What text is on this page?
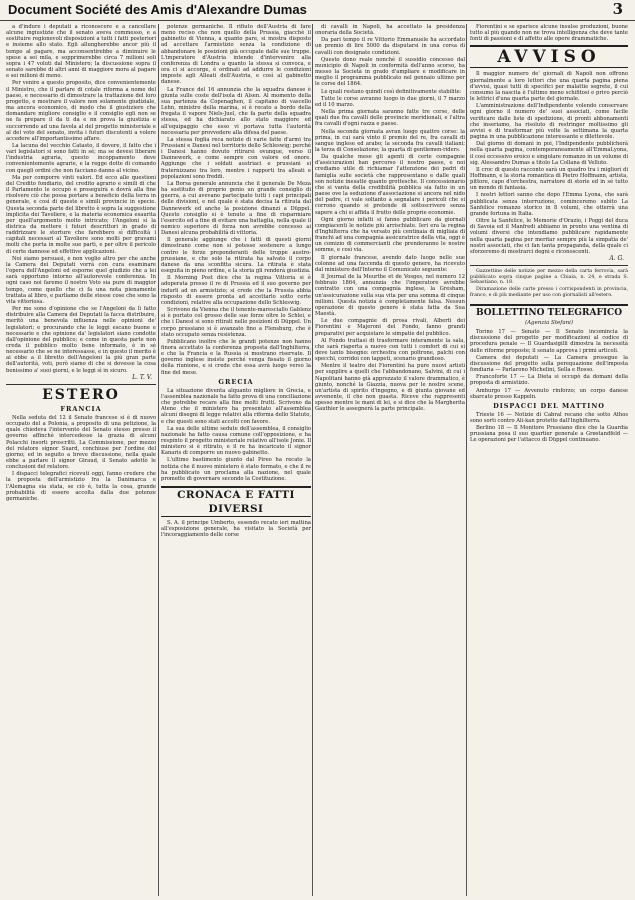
Document Société des Amis d'Alexandre Dumas	3

a d'indure i deputati a riconoscere e a cancellare alcune ingiustizie che il senato aveva commesso, e a sostituire regionevoli disposizioni a tutti i fatti posteriori e insieme allo stato. Egli allungherebbe ancor più il tempo al pagare, ma acconsentirebbe a diminuire le spese a sei mila, e sopprimerebbe circa 7 milioni soli sopra i 47 voluti dal Ministero; la discussione sopra il senato sarebbe di altri anni di maggiore mora al pagare e sei milioni di meno.

Per venire a questo proposito, dice convenientemente il Ministro, che il parlare di cotale riforma a nome del paese, e necessario di dimostrare la trattazione del loro progetto, e mostrare il valore non solamente giudiziale, ma ancora economico, di modo che il giustiziere che domandare migliore consiglio e il consiglio egli non se ne fa prepare il da ti da e nn prova la giustizia e succorrendo ad una favola al del progetto ministeriale e al del voto del senato, invita i futuri discutenti a volere accedere all'importantissimo affare.

La lacuna del vecchio Catasto, il dovere, il fatto che i vari legislatori si sono fatti in sé; ma se devesi liberare l'industria agraria, questo incoppamento deve convenientemente agrarie, e la regge dotte di comando con quegli ordini che non facciano danno al vicino.

Ma per comporre vinti valori. Ed ecco alle questioni del Credito fondiario, del credito agrario e simili di che il Parlamento le occupò e proseguirà e dovrà alla fine risolvere ciò che possa portare a beneficio della terra in generale, e così di queste e simili provincie in specie. Questa seconda parte del libretto è sopra la suggestione implicita dei Tavoliere, e la materia economica esaurita per quell'argomento molto intricato; l'Angeloni sì la districa da mettere i futuri descrittori in grado di raddrizzare le storture che farebbero sì difficoltà i capitali necessari al Tavoliere sono molti per gravami molti che porta in molte sue parti, e per oltre il pericolo di certe dannose ed effettive applicazioni.

Noi siamo persuasi, e non voglio altro per che anche la Camera dei Deputati vorrà con cura esaminare l'opera dell'Angeloni ed esporne quel giudizio che a lei sarà opportuno intorno all'autorevole conferenza. In ogni caso noi faremo il nostro Voto sia pure di maggior tempo, come quello che ci fa una nota pienamente trattata al libro, e parliamo delle stesse cose che sono la vita vittoriosa.

Per me sono d'opinione che se l'Angeloni da lì fatto distribuire alla Camera dei Deputati la facca distribuire, meritò una benevola influenza nelle opinioni de' legislatori; e procurando che le leggi escano buone e necessarie e che opinione da' legislatori siano condotte dall'opinione del pubblico; e come in questa parte non creda il pubblico molto bene informato, è in sé necessario che se ne interessasse, e in questo il merito è ai ebbe a il libretto dell'Angeloni la più gran parte dell'autorità, voti, però siamo di che si dovesse la cosa benissimo a' suoi giorni, e le leggi sì in sicuro.

L. T. V.
ESTERO
FRANCIA

Nella seduta del 12 il Senato francese si è di nuovo occupato del a Polonia, a proposito di una petizione, la quale chiedeva l'intervento del Senato stesso presso il governo affinchè intercedesse la grazia di alcuni Polacchi insorti proscritti. La Commissione, per mezzo del relatore signor Suard, conchiuse per l'ordine del giorno; ed in seguito a breve discussione, nella quale ebbe a parlare il signor Giraud, il Senato adottò le conclusioni del relatore.

I dispacci telegrafici ricevuti oggi, fanno credere che la proposta dell'armistizio fra la Danimarca e l'Alemagna sia stata, se ciò è, tutta la cosa, grande probabilità di essere accolta dalla due potenze germaniche.

potenze germaniche. Il rifiuto dell'Austria di fare meno reciso che non quello della Prussia, giacchè il gabinetto di Vienna, a quanto pare, si mostra disposto ad accettare l'armistizio senza la condizione di abbandonare le posizioni già occupate dalle sue truppe. L'imperatore d'Austria intende d'intervenire alla conferenza di Londra a quanto la stessa si convoca, e ora ci si accorge, è ordinati ad addurre le condizioni imposte agli Alleati dell'Austria, e così al gabinetto danese.

La France del 16 annunzia che la squadra danese è giunta sulle coste dell'isola di Alsen. Al momento della sua partenza da Copenaghen, il capitano di vascello Lehn, ministro della marina, si è recato a bordo della fregata il vapore Niels-Juel, che fa parte della squadra stessa, ed ha dichiarato allo stato maggiore ed all'equipaggio che esso vi portava tutta l'autorità necessaria per provvedere alla difesa del paese.

La stessa foglia reca notizie di varie fatte d'armi tra Prussiani e Danesi nel territorio dello Schleswig; perché i Danesi hanno dovuto ritirarsi ovunque, verso il Dannewerk, e come sempre con valore ed onore. Aggiunge che i soldati austriaci e prussiani si fraternizzano tra loro, mentre i rapporti tra alleati e popolazioni sono freddi.

La Borsa generale annuncia che il generale De Meza ha sostituito di proprio genio un grande consiglio di guerra, a cui avevano partecipato tutti i capi principali delle divisioni, e nel quale è stata decisa la ritirata dal Dannewerk ed anche la posizione dinanzi a Düppel. Questo consiglio si è tenuto a fine di risparmiare l'esercito ed a fine di evitare una battaglia, nella quale il nemico superiore di forza non avrebbe concesso ai Danesi alcuna probabilità di vittoria.

Il generale aggiunge che i fatti di questi giorni dimostrano come non si potesse sostenere a lungo contro le forze preponderanti delle truppe austro-prussiane, e che solo la ritirata ha salvato il corpo danese da una sconfitta sicura. La ritirata è stata eseguita in pieno ordine, e la storia gli renderà giustizia.

Il Morning Post dice che la regina Vittoria si è adoperata presso il re di Prussia ed il suo governo per indurli ad un armistizio; si crede che la Prussia abbia risposto di essere pronta ad accettarlo sotto certe condizioni, relative alla occupazione dello Schleswig.

Scrivono da Vienna che il tenente-maresciallo Gablenz si è portato col grosso delle sue forze oltre lo Schlei, e che i Danesi si sono ritirati nelle posizioni di Düppel. Un corpo prussiano si è avanzato fino a Flensburg, che è stato occupato senza resistenza.

Pubblicano inoltre che le grandi potenze non hanno finora accettato la conferenza proposta dall'Inghilterra, e che la Francia e la Russia si mostrano riservate. Il governo inglese insiste perché venga fissato il giorno della riunione, e si crede che essa avrà luogo verso la fine del mese.

GRECIA

La situazione diventa alquanto migliore in Grecia, e l'assemblea nazionale ha fatto prova di una conciliazione che potrebbe recare alla fine molti frutti. Scrivono da Atene che il ministero ha presentato all'assemblea alcuni disegni di legge relativi alla riforma dello Statuto, e che questi sono stati accolti con favore.

La sua delle ultime sedute dell'assemblea, il consiglio nazionale ha fatto causa comune coll'opposizione, e ha respinto il progetto ministeriale relativo all'isole Jonie. Il ministero si è ritirato, e il re ha incaricato il signor Kanaris di comporre un nuovo gabinetto.

L'ultimo bastimento giunto dal Pireo ha recato la notizia che il nuovo ministero è stato formato, e che il re ha pubblicato un proclama alla nazione, nel quale promette di governare secondo la Costituzione.

CRONACA E FATTI DIVERSI

S. A. il principe Umberto, essendo recato ieri mattina all'esposizione generale, ha visitato la Società per l'incoraggiamento delle corse

di cavalli in Napoli, ha accettato la presidenza onoraria della Società.

Da pari tempo il re Vittorio Emmanuele ha accordato un premio di lire 5000 da disputarsi in una corsa di cavalli con designate condizioni.

Questo dono reale nonché il sussidio concesso dal municipio di Napoli in conformità dell'anno scorso, ha messo la Società in grado d'ampliare e modificare in meglio il programma pubblicato nel gennaio ultimo per le corse del 1864.

Le quali restano quindi così definitivamente stabilite:

Tutte le corse avranno luogo in due giorni, il 7 marzo ed il 10 marzo.

Nella prima giornata saranno fatte tre corse, delle quali due fra cavalli delle provincie meridionali, e l'altra fra cavalli d'ogni razza e paese.

Nella seconda giornata avran luogo quattro corse: la prima, in cui sarà vinto il premio del re, fra cavalli di sangue inglese ed arabo; la seconda fra cavalli italiani; la terza di Consolazione; la quarta di gentlemen-riders.

Da qualche mese gli agenti di certe compagnie d'assicurazioni han percorso il nostro paese, e noi crediamo utile di richiamar l'attenzione dei padri di famiglia sulle società che rappresentano e dalle quali son notizie inesatte quanto grottesche. Il concessionario che si vanta della credibilità pubblica sia fatto in un paese ove la seduzione d'associazione si ancora nel nido del padre, ci vale soltanto a segnalare i pericoli che si corrono quando si pretende di sottoscrivere senza sapere a chi si affida il frutto delle proprie economie.

Ogni giorno infatti si fanno pubblicare da giornali compiacenti le notizie più arrischiate. Ieri era la regina d'Inghilterra che ha versato più centinaia di migliaia di franchi ad una compagnia assicuratrice della vita, oggi è un comizio di commercianti che prenderanno le nostre somme, e così via.

Il giornale francese, avendo dato luogo nelle sue colonne ad una faccenda di questo genere, ha ricevuto dal ministero dell'Interno il Comunicato seguente:

Il Journal de la Meurthe et de Vosges, nel numero 12 febbraio 1864, annunzia che l'imperatore avrebbe contratto con una compagnia inglese, la Gresham, un'assicurazione sulla sua vita per una somma di cinque milioni. Questa notizia è completamente falsa. Nessun operazione di questo genere è stata fatta da Sua Maestà.

Le due compagnie di prosa rivali, Alberti dei Fiorentini e Majeroni del Fondo, fanno grandi preparativi per acquistare le simpatie del pubblico.

Al Fondo trattasi di trasformare interamente la sala, che sarà riaperta a nuovo con tutti i comfort di cui si deve tanto bisogno: orchestra con poltrone, palchi con specchi, corridoi con tappeti, scenario grandioso.

Mentre il teatro dei Fiorentini ha pure nuovi artisti per supplire a quelli che l'abbandonano, Salvini, di cui i Napolitani hanno già apprezzato il valore drammatico, è giunto, nonché la Giazzia, nuova per le nostre scene, un'artista di spirito d'ingegno, e di giunta giovane ed avvenente, il che non guasta. Riceve che rappresenti spesso mentre le mani di lei, e si dice che la Margherita Gauthier le assegnerà la parte principale.

Fiorentini e se sparisce alcune insulse produzioni, buone tutto al più quando non ne trova intelligenza che deve tante fonti di passioni e di affetto alle opere drammatiche.

AVVISO

Il maggior numero de' giornali di Napoli non offrono giornalmente a loro lettori che una quarta pagina piena d'avvisi, quasi tutti di specifici per malattie segrete, il cui consumo la nascita è l'ultimo meno schifitosi e privo perciò le lettrici d'una quarta parte del giornale.

L'amministrazione dell'Indipendente volendo conservare ogni giorno il numero de' suoi associati, come facile verificare dalle liste di spedizione, di pronti abbonamenti che inseriamo, ha risoluto di restringer moltissimo gli avvisi e di trasformar più volte la settimana la quarta pagina in una pubblicazione interessante e dilettevole.

Dal giorno di domani in poi, l'Indipendente pubblicherà nella quarta pagina, contemporaneamente all'EmmaLyona, il così eccessivo eroico e singolare romanzo in un volume di sig. Alessandro Dumas a titolo La Collana di Velluto.

Il croc di questo racconto sarà un quadro tra i migliori di Hoffmann, e la storia romantica di Pietro Hoffmann, artista, pittore, capo d'orchestra, narratore di storie ed in sé tutto un mondo di fantasia.

I nostri lettori sanno che dopo l'Emma Lyona, che sarà pubblicata senza interruzione, cominceremo subito La Sanfelice romanzo storico in 8 volumi, che otterrà una grande fortuna in Italia.

Oltre la Sanfelice, le Memorie d'Orazio, i Poggi del duca di Savoia ed il Manfredi abbiamo in pronto una ventina di volumi diversi che intendiamo pubblicare rapidamente nella quarta pagina per meritar sempre più la simpatia de' nostri associati, che ci fan tanta propaganda, della quale ci sforzeremo di mostrarci degni e riconoscenti.

A. G.

Gazzettine delle notizie per mezzo della carta ferrovia, sarà pubblicato sopra cinque pagine a Chiaia, n. 24, e strada S. Sebastiano, n. 18.

Diramazione delle carte presso i corrispondenti in provincia, franco, e di più mediante per uso con giornalisti all'estero.

BOLLETTINO TELEGRAFICO
(Agenzia Stefani)

Torino 17 — Senato — Il Senato incomincia la discussione del progetto per modificazioni al codice di procedura penale — Il Guardasigilli dimostra la necessità delle riforme proposte; il senato approva i primi articoli.

Camera dei deputati — La Camera prosegue la discussione del progetto sulla perequazione dell'imposta fondiaria — Parlarono Michelini, Sella e Rosso.

Francoforte 17 — La Dieta si occupò da domani della proposta di armistizio.

Amburgo 17 — Avvenuto rinforzo; un corpo danese sbarcato presso Kappeln.

DISPACCI DEL MATTINO

Trieste 16 — Notizie di Cabral recano che sotto Athos sono sorti contro Ali-kan protetto dall'Inghilterra.

Berlino 18 — Il Monitore Prussiano dice che la Guardia prussiana posa il suo quartier generale a Grøstandfeld — Le operazioni per l'attacco di Düppel continuano.
